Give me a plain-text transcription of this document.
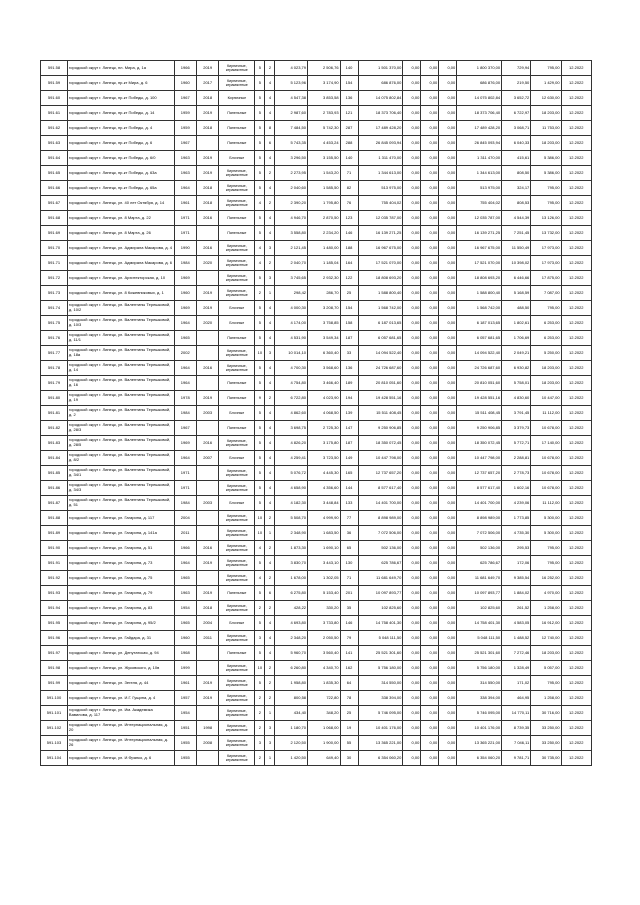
591.58	городской округ г. Липецк, пл. Мира, д. 1а	1966	2019	Кирпичные, керамзитные	5	2	4 023,79	2 506,76	140	1 501 370,00	0,00	0,00	0,00	1 800 370,00	729,94	795,00	12.2022
591.59	городской округ г. Липецк, пр-кт Мира, д. 6	1960	2017	Кирпичные, керамзитные	5	4	5 123,96	3 174,90	154	686 876,00	0,00	0,00	0,00	686 876,00	219,50	1 429,00	12.2022
591.60	городской округ г. Липецк, пр-кт Победы, д. 100	1967	2018	Кирпичные	5	4	4 547,38	3 853,58	136	14 075 802,84	0,00	0,00	0,00	14 075 802,84	3 652,72	12 630,00	12.2022
591.61	городской округ г. Липецк, пр-кт Победы, д. 14	1959	2019	Панельные	5	4	2 987,60	2 783,93	121	18 373 706,40	0,00	0,00	0,00	18 373 706,40	6 722,97	18 203,00	12.2022
591.62	городской округ г. Липецк, пр-кт Победы, д. 4	1959	2018	Панельные	5	8	7 484,50	5 742,30	287	17 489 428,20	0,00	0,00	0,00	17 489 428,20	3 068,71	11 753,00	12.2022
591.63	городской округ г. Липецк, пр-кт Победы, д. 6	1967		Панельные	5	6	5 743,35	4 453,24	288	26 845 093,94	0,00	0,00	0,00	26 845 093,94	6 040,33	18 203,00	12.2022
591.64	городской округ г. Липецк, пр-кт Победы, д. 6/0	1963	2019	Блочные	5	4	3 296,50	3 155,50	140	1 311 470,00	0,00	0,00	0,00	1 311 470,00	415,61	5 386,00	12.2022
591.65	городской округ г. Липецк, пр-кт Победы, д. 63а	1963	2019	Кирпичные, керамзитные	5	2	2 273,95	1 543,20	71	1 344 613,00	0,00	0,00	0,00	1 344 613,00	808,50	5 386,00	12.2022
591.66	городской округ г. Липецк, пр-кт Победы, д. 65а	1964	2018	Кирпичные, керамзитные	5	4	2 040,60	1 585,50	82	513 975,00	0,00	0,00	0,00	513 975,00	324,17	795,00	12.2022
591.67	городской округ г. Липецк, ул. 40 лет Октября, д. 14	1961	2018	Кирпичные, керамзитные	4	2	2 390,20	1 795,80	76	755 404,02	0,00	0,00	0,00	755 404,02	808,53	795,00	12.2022
591.68	городской округ г. Липецк, ул. 8 Марта, д. 22	1971	2016	Панельные	5	4	4 946,70	2 870,50	123	12 035 787,00	0,00	0,00	0,00	12 035 787,00	4 544,39	13 126,00	12.2022
591.69	городской округ г. Липецк, ул. 8 Марта, д. 26	1971		Панельные	5	4	3 558,80	2 234,20	146	16 139 271,25	0,00	0,00	0,00	16 139 271,25	7 251,45	13 732,00	12.2022
591.70	городской округ г. Липецк, ул. Адмирала Макарова, д. 4	1990	2016	Кирпичные, керамзитные	4	3	2 121,45	1 480,00	188	16 967 675,00	0,00	0,00	0,00	16 967 675,00	11 550,49	17 973,00	12.2022
591.71	городской округ г. Липецк, ул. Адмирала Макарова, д. 6	1984	2020	Кирпичные, керамзитные	4	2	2 040,70	1 185,04	164	17 521 070,00	0,00	0,00	0,00	17 521 070,00	10 398,02	17 973,00	12.2022
591.72	городской округ г. Липецк, ул. Архитекторская, д. 10	1969		Кирпичные, керамзитные	5	3	3 745,65	2 932,30	122	18 808 693,20	0,00	0,00	0,00	18 808 693,20	6 446,66	17 875,00	12.2022
591.73	городской округ г. Липецк, ул. 8 Кожевниковых, д. 1	1960	2019	Кирпичные, керамзитные	2	1	298,42	286,70	25	1 588 800,40	0,00	0,00	0,00	1 588 800,40	5 168,59	7 087,00	12.2022
591.74	городской округ г. Липецк, ул. Валентины Терешковой, д. 10/2	1969	2019	Блочные	5	4	4 000,30	3 208,70	154	1 568 742,00	0,00	0,00	0,00	1 568 742,00	488,50	795,00	12.2022
591.75	городской округ г. Липецк, ул. Валентины Терешковой, д. 10/3	1964	2020	Блочные	5	4	4 174,00	3 758,85	158	6 187 013,65	0,00	0,00	0,00	6 187 013,65	1 802,61	6 253,00	12.2022
591.76	городской округ г. Липецк, ул. Валентины Терешковой, д. 11/1	1965		Панельные	5	4	4 531,90	3 549,34	187	6 057 681,65	0,00	0,00	0,00	6 057 681,65	1 706,69	6 253,00	12.2022
591.77	городской округ г. Липецк, ул. Валентины Терешковой, д. 18а	2002		Кирпичные, керамзитные	10	3	10 014,10	6 360,40	33	14 094 522,40	0,00	0,00	0,00	14 094 522,40	2 049,21	5 250,00	12.2022
591.78	городской округ г. Липецк, ул. Валентины Терешковой, д. 14	1964	2016	Кирпичные, керамзитные	5	4	4 700,30	3 568,60	136	24 726 687,60	0,00	0,00	0,00	24 726 687,60	6 930,82	18 203,00	12.2022
591.79	городской округ г. Липецк, ул. Валентины Терешковой, д. 16	1964		Панельные	5	4	4 754,80	3 466,40	189	20 810 051,60	0,00	0,00	0,00	20 810 051,60	5 758,01	18 203,00	12.2022
591.80	городской округ г. Липецк, ул. Валентины Терешковой, д. 19	1978	2019	Панельные	9	2	6 722,80	4 023,90	194	19 428 551,16	0,00	0,00	0,00	19 428 551,16	4 830,60	10 447,00	12.2022
591.81	городской округ г. Липецк, ул. Валентины Терешковой, д. 2	1984	2003	Блочные	5	4	4 862,60	4 068,50	139	15 511 408,45	0,00	0,00	0,00	15 511 408,45	3 791,45	11 112,00	12.2022
591.82	городской округ г. Липецк, ул. Валентины Терешковой, д. 28/3	1967		Панельные	5	4	3 698,75	2 725,30	147	9 250 906,85	0,00	0,00	0,00	9 250 906,85	3 379,73	10 678,00	12.2022
591.83	городской округ г. Липецк, ул. Валентины Терешковой, д. 28/5	1969	2016	Кирпичные, керамзитные	5	4	4 826,20	3 175,80	187	18 350 072,45	0,00	0,00	0,00	18 350 072,45	5 772,71	17 140,00	12.2022
591.84	городской округ г. Липецк, ул. Валентины Терешковой, д. 8/2	1964	2007	Блочные	5	4	4 259,41	3 723,50	149	10 447 798,00	0,00	0,00	0,00	10 447 798,00	2 288,81	10 678,00	12.2022
591.85	городской округ г. Липецк, ул. Валентины Терешковой, д. 34/1	1971		Кирпичные, керамзитные	5	4	5 076,72	4 445,30	165	12 737 657,20	0,00	0,00	0,00	12 737 657,20	2 778,73	10 678,00	12.2022
591.86	городской округ г. Липецк, ул. Валентины Терешковой, д. 34/3	1971		Кирпичные, керамзитные	5	4	4 658,90	4 356,60	144	8 577 617,40	0,00	0,00	0,00	8 577 617,40	1 602,16	10 678,00	12.2022
591.87	городской округ г. Липецк, ул. Валентины Терешковой, д. 51	1984	2003	Блочные	5	4	4 182,30	3 448,84	133	14 401 700,00	0,00	0,00	0,00	14 401 700,00	4 239,06	11 112,00	12.2022
591.88	городской округ г. Липецк, ул. Гагарина, д. 117	2004		Кирпичные, керамзитные	10	2	5 508,70	4 999,90	77	8 898 989,00	0,00	0,00	0,00	8 898 989,00	1 773,85	5 300,00	12.2022
591.89	городской округ г. Липецк, ул. Гагарина, д. 141а	2011		Кирпичные, керамзитные	10	1	2 348,90	1 683,50	36	7 072 506,00	0,00	0,00	0,00	7 072 506,00	4 735,30	5 300,00	12.2022
591.90	городской округ г. Липецк, ул. Гагарина, д. 51	1966	2016	Кирпичные, керамзитные	4	2	1 873,30	1 690,10	65	502 136,00	0,00	0,00	0,00	502 136,00	295,53	795,00	12.2022
591.91	городской округ г. Липецк, ул. Гагарина, д. 73	1964	2019	Кирпичные, керамзитные	5	4	3 830,70	3 443,10	130	625 786,67	0,00	0,00	0,00	625 786,67	172,06	795,00	12.2022
591.92	городской округ г. Липецк, ул. Гагарина, д. 75	1965		Кирпичные, керамзитные	4	2	1 678,00	1 302,05	71	11 681 649,70	0,00	0,00	0,00	11 681 649,70	9 385,54	16 252,00	12.2022
591.93	городской округ г. Липецк, ул. Гагарина, д. 79	1963	2019	Панельные	5	6	6 275,80	5 153,40	201	10 097 893,77	0,00	0,00	0,00	10 097 893,77	1 884,02	4 970,00	12.2022
591.94	городской округ г. Липецк, ул. Гагарина, д. 83	1954	2018	Кирпичные, керамзитные	2	2	428,22	330,20	35	102 825,60	0,00	0,00	0,00	102 825,60	261,52	1 258,00	12.2022
591.95	городской округ г. Липецк, ул. Гагарина, д. 95/2	1965	2004	Блочные	5	4	4 693,80	3 733,80	146	14 758 401,30	0,00	0,00	0,00	14 758 401,30	4 583,05	16 912,00	12.2022
591.96	городской округ г. Липецк, ул. Гайдара, д. 31	1960	2011	Кирпичные, керамзитные	3	4	2 348,20	2 050,50	79	5 048 111,50	0,00	0,00	0,00	5 048 111,50	1 488,52	12 740,00	12.2022
591.97	городской округ г. Липецк, ул. Депутатская, д. 94	1968		Панельные	5	4	5 960,70	3 560,40	141	25 521 301,60	0,00	0,00	0,00	25 521 301,60	7 272,46	18 203,00	12.2022
591.98	городской округ г. Липецк, ул. Жуковского, д. 10в	1999		Кирпичные, керамзитные	10	2	6 260,80	4 340,70	162	5 756 180,00	0,00	0,00	0,00	5 756 180,00	1 328,49	5 057,00	12.2022
591.99	городской округ г. Липецк, ул. Зегеля, д. 44	1961	2019	Кирпичные, керамзитные	5	2	1 958,80	1 835,30	64	314 550,00	0,00	0,00	0,00	314 550,00	171,02	795,00	12.2022
591.100	городской округ г. Липецк, ул. И.Г. Гущина, д. 4	1957	2019	Кирпичные, керамзитные	2	2	800,58	722,80	78	338 394,00	0,00	0,00	0,00	338 394,00	464,95	1 258,00	12.2022
591.101	городской округ г. Липецк, ул. Им. Академика Вавилова, д. 117	1954		Кирпичные, керамзитные	2	1	434,40	348,20	25	5 746 095,00	0,00	0,00	0,00	5 746 095,00	14 770,11	30 716,00	12.2022
591.102	городской округ г. Липецк, ул. Интернациональная, д. 20	1951	1998	Кирпичные, керамзитные	2	3	1 180,70	1 068,00	19	10 401 176,00	0,00	0,00	0,00	10 401 176,00	8 739,35	33 250,00	12.2022
591.103	городской округ г. Липецк, ул. Интернациональная, д. 26	1955	2008	Кирпичные, керамзитные	3	3	2 120,50	1 900,00	55	13 365 221,00	0,00	0,00	0,00	13 365 221,00	7 046,11	33 250,00	12.2022
591.104	городской округ г. Липецк, ул. И.Франко, д. 6	1955		Кирпичные, керамзитные	2	1	1 420,50	649,40	30	6 354 060,20	0,00	0,00	0,00	6 354 060,20	9 781,71	30 735,00	12.2022
